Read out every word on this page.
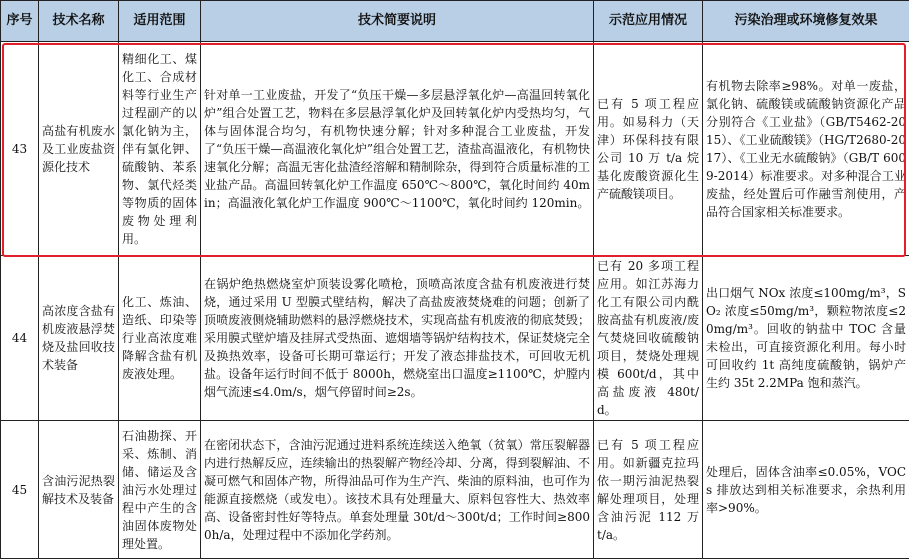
序号	技术名称	适用范围	技术简要说明	示范应用情况	污染治理或环境修复效果
43	高盐有机废水及工业废盐资源化技术	精细化工、煤化工、合成材料等行业生产过程副产的以氯化钠为主，伴有氯化钾、硫酸钠、苯系物、氯代烃类等物质的固体废物处理利用。	针对单一工业废盐，开发了“负压干燥—多层悬浮氧化炉—高温回转氧化炉”组合处置工艺，物料在多层悬浮氧化炉及回转氧化炉内受热均匀，气体与固体混合均匀，有机物快速分解；针对多种混合工业废盐，开发了“负压干燥—高温液化氧化炉”组合处置工艺，渣盐高温液化，有机物快速氧化分解；高温无害化盐渣经溶解和精制除杂，得到符合质量标准的工业盐产品。高温回转氧化炉工作温度 650℃～800℃，氧化时间约 40min；高温液化氧化炉工作温度 900℃～1100℃，氧化时间约 120min。	已有 5 项工程应用。如易科力（天津）环保科技有限公司 10 万 t/a 烷基化废酸资源化生产硫酸镁项目。	有机物去除率≥98%。对单一废盐，氯化钠、硫酸镁或硫酸钠资源化产品分别符合《工业盐》（GB/T5462-2015）、《工业硫酸镁》（HG/T2680-2017）、《工业无水硫酸钠》（GB/T 6009-2014）标准要求。对多种混合工业废盐，经处置后可作融雪剂使用，产品符合国家相关标准要求。
44	高浓度含盐有机废液悬浮焚烧及盐回收技术装备	化工、炼油、造纸、印染等行业高浓度难降解含盐有机废液处理。	在锅炉绝热燃烧室炉顶装设雾化喷枪，顶喷高浓度含盐有机废液进行焚烧，通过采用 U 型膜式壁结构，解决了高盐废液焚烧难的问题；创新了顶喷废液侧烧辅助燃料的悬浮燃烧技术，实现高盐有机废液的彻底焚毁；采用膜式壁炉墙及挂屏式受热面、遮烟墙等锅炉结构技术，保证焚烧完全及换热效率，设备可长期可靠运行；开发了液态排盐技术，可回收无机盐。设备年运行时间不低于 8000h，燃烧室出口温度≥1100℃，炉膛内烟气流速≤4.0m/s，烟气停留时间≥2s。	已有 20 多项工程应用。如江苏海力化工有限公司内酰胺高盐有机废液/废气焚烧回收硫酸钠项目，焚烧处理规模 600t/d，其中高盐废液 480t/d。	出口烟气 NOx 浓度≤100mg/m³，SO₂ 浓度≤50mg/m³，颗粒物浓度≤20mg/m³。回收的钠盐中 TOC 含量未检出，可直接资源化利用。每小时可回收约 1t 高纯度硫酸钠，锅炉产生约 35t 2.2MPa 饱和蒸汽。
45	含油污泥热裂解技术及装备	石油勘探、开采、炼制、消储、储运及含油污水处理过程中产生的含油固体废物处理处置。	在密闭状态下，含油污泥通过进料系统连续送入绝氧（贫氧）常压裂解器内进行热解反应，连续输出的热裂解产物经冷却、分离，得到裂解油、不凝可燃气和固体产物，所得油品可作为生产汽、柴油的原料油，也可作为能源直接燃烧（或发电）。该技术具有处理量大、原料包容性大、热效率高、设备密封性好等特点。单套处理量 30t/d～300t/d；工作时间≥8000h/a，处理过程中不添加化学药剂。	已有 5 项工程应用。如新疆克拉玛依一期污油泥热裂解处理项目，处理含油污泥 112 万 t/a。	处理后，固体含油率≤0.05%，VOCs 排放达到相关标准要求，余热利用率>90%。
